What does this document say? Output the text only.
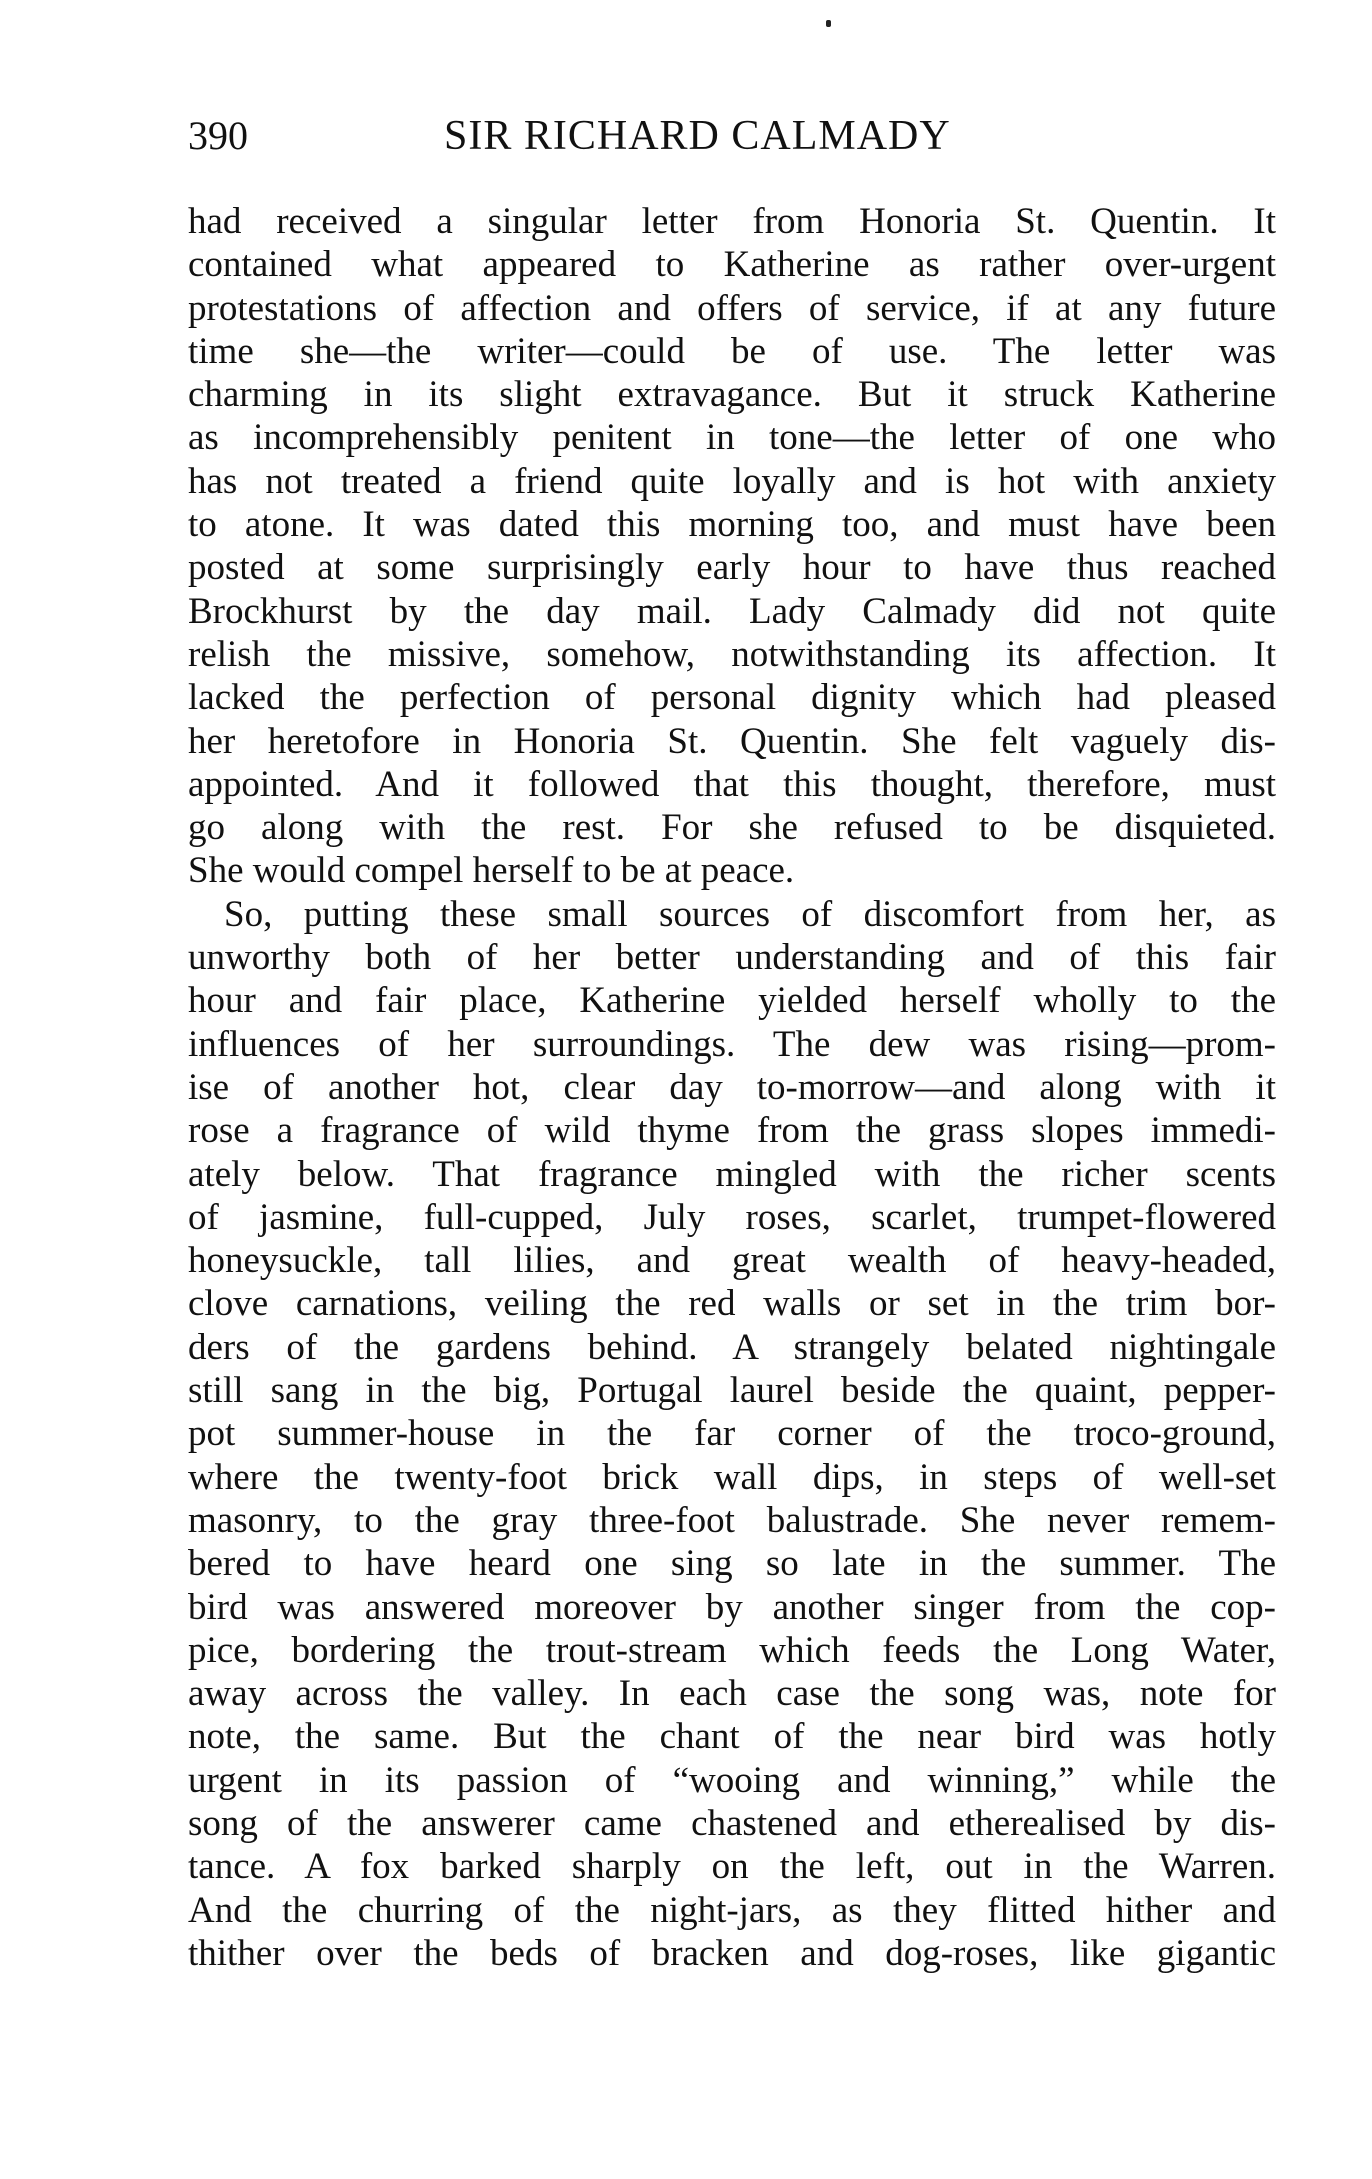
390	SIR RICHARD CALMADY
had received a singular letter from Honoria St. Quentin. It
contained what appeared to Katherine as rather over-urgent
protestations of affection and offers of service, if at any future
time she—the writer—could be of use. The letter was
charming in its slight extravagance. But it struck Katherine
as incomprehensibly penitent in tone—the letter of one who
has not treated a friend quite loyally and is hot with anxiety
to atone. It was dated this morning too, and must have been
posted at some surprisingly early hour to have thus reached
Brockhurst by the day mail. Lady Calmady did not quite
relish the missive, somehow, notwithstanding its affection. It
lacked the perfection of personal dignity which had pleased
her heretofore in Honoria St. Quentin. She felt vaguely dis-
appointed. And it followed that this thought, therefore, must
go along with the rest. For she refused to be disquieted.
She would compel herself to be at peace.
So, putting these small sources of discomfort from her, as
unworthy both of her better understanding and of this fair
hour and fair place, Katherine yielded herself wholly to the
influences of her surroundings. The dew was rising—prom-
ise of another hot, clear day to-morrow—and along with it
rose a fragrance of wild thyme from the grass slopes immedi-
ately below. That fragrance mingled with the richer scents
of jasmine, full-cupped, July roses, scarlet, trumpet-flowered
honeysuckle, tall lilies, and great wealth of heavy-headed,
clove carnations, veiling the red walls or set in the trim bor-
ders of the gardens behind. A strangely belated nightingale
still sang in the big, Portugal laurel beside the quaint, pepper-
pot summer-house in the far corner of the troco-ground,
where the twenty-foot brick wall dips, in steps of well-set
masonry, to the gray three-foot balustrade. She never remem-
bered to have heard one sing so late in the summer. The
bird was answered moreover by another singer from the cop-
pice, bordering the trout-stream which feeds the Long Water,
away across the valley. In each case the song was, note for
note, the same. But the chant of the near bird was hotly
urgent in its passion of “wooing and winning,” while the
song of the answerer came chastened and etherealised by dis-
tance. A fox barked sharply on the left, out in the Warren.
And the churring of the night-jars, as they flitted hither and
thither over the beds of bracken and dog-roses, like gigantic
